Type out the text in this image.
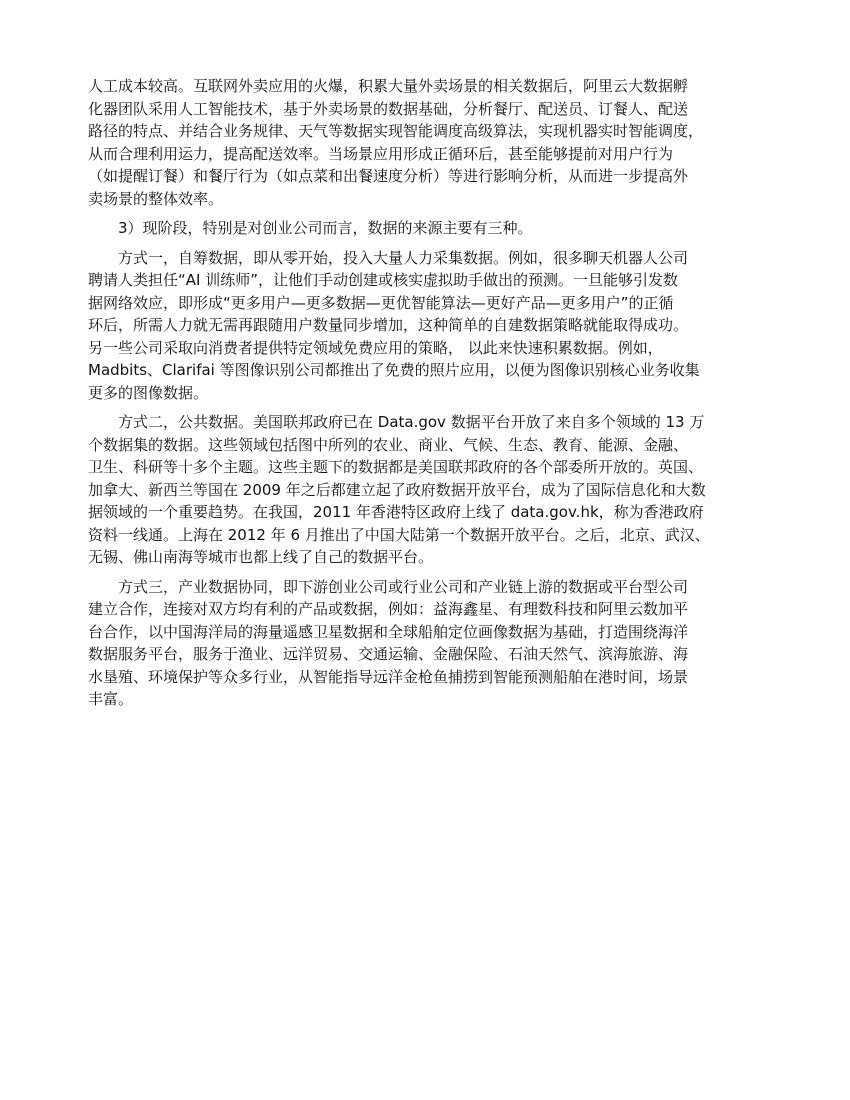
人工成本较高。互联网外卖应用的火爆，积累大量外卖场景的相关数据后，阿里云大数据孵
化器团队采用人工智能技术，基于外卖场景的数据基础，分析餐厅、配送员、订餐人、配送
路径的特点、并结合业务规律、天气等数据实现智能调度高级算法，实现机器实时智能调度，
从而合理利用运力，提高配送效率。当场景应用形成正循环后，甚至能够提前对用户行为
（如提醒订餐）和餐厅行为（如点菜和出餐速度分析）等进行影响分析，从而进一步提高外
卖场景的整体效率。

3）现阶段，特别是对创业公司而言，数据的来源主要有三种。

方式一，自筹数据，即从零开始，投入大量人力采集数据。例如，很多聊天机器人公司
聘请人类担任“AI 训练师”，让他们手动创建或核实虚拟助手做出的预测。一旦能够引发数
据网络效应，即形成“更多用户—更多数据—更优智能算法—更好产品—更多用户”的正循
环后，所需人力就无需再跟随用户数量同步增加，这种简单的自建数据策略就能取得成功。
另一些公司采取向消费者提供特定领域免费应用的策略， 以此来快速积累数据。例如，
Madbits、Clarifai 等图像识别公司都推出了免费的照片应用，以便为图像识别核心业务收集
更多的图像数据。

方式二，公共数据。美国联邦政府已在 Data.gov 数据平台开放了来自多个领域的 13 万
个数据集的数据。这些领域包括图中所列的农业、商业、气候、生态、教育、能源、金融、
卫生、科研等十多个主题。这些主题下的数据都是美国联邦政府的各个部委所开放的。英国、
加拿大、新西兰等国在 2009 年之后都建立起了政府数据开放平台，成为了国际信息化和大数
据领域的一个重要趋势。在我国，2011 年香港特区政府上线了 data.gov.hk，称为香港政府
资料一线通。上海在 2012 年 6 月推出了中国大陆第一个数据开放平台。之后，北京、武汉、
无锡、佛山南海等城市也都上线了自己的数据平台。

方式三，产业数据协同，即下游创业公司或行业公司和产业链上游的数据或平台型公司
建立合作，连接对双方均有利的产品或数据，例如：益海鑫星、有理数科技和阿里云数加平
台合作，以中国海洋局的海量遥感卫星数据和全球船舶定位画像数据为基础，打造围绕海洋
数据服务平台，服务于渔业、远洋贸易、交通运输、金融保险、石油天然气、滨海旅游、海
水垦殖、环境保护等众多行业，从智能指导远洋金枪鱼捕捞到智能预测船舶在港时间，场景
丰富。
